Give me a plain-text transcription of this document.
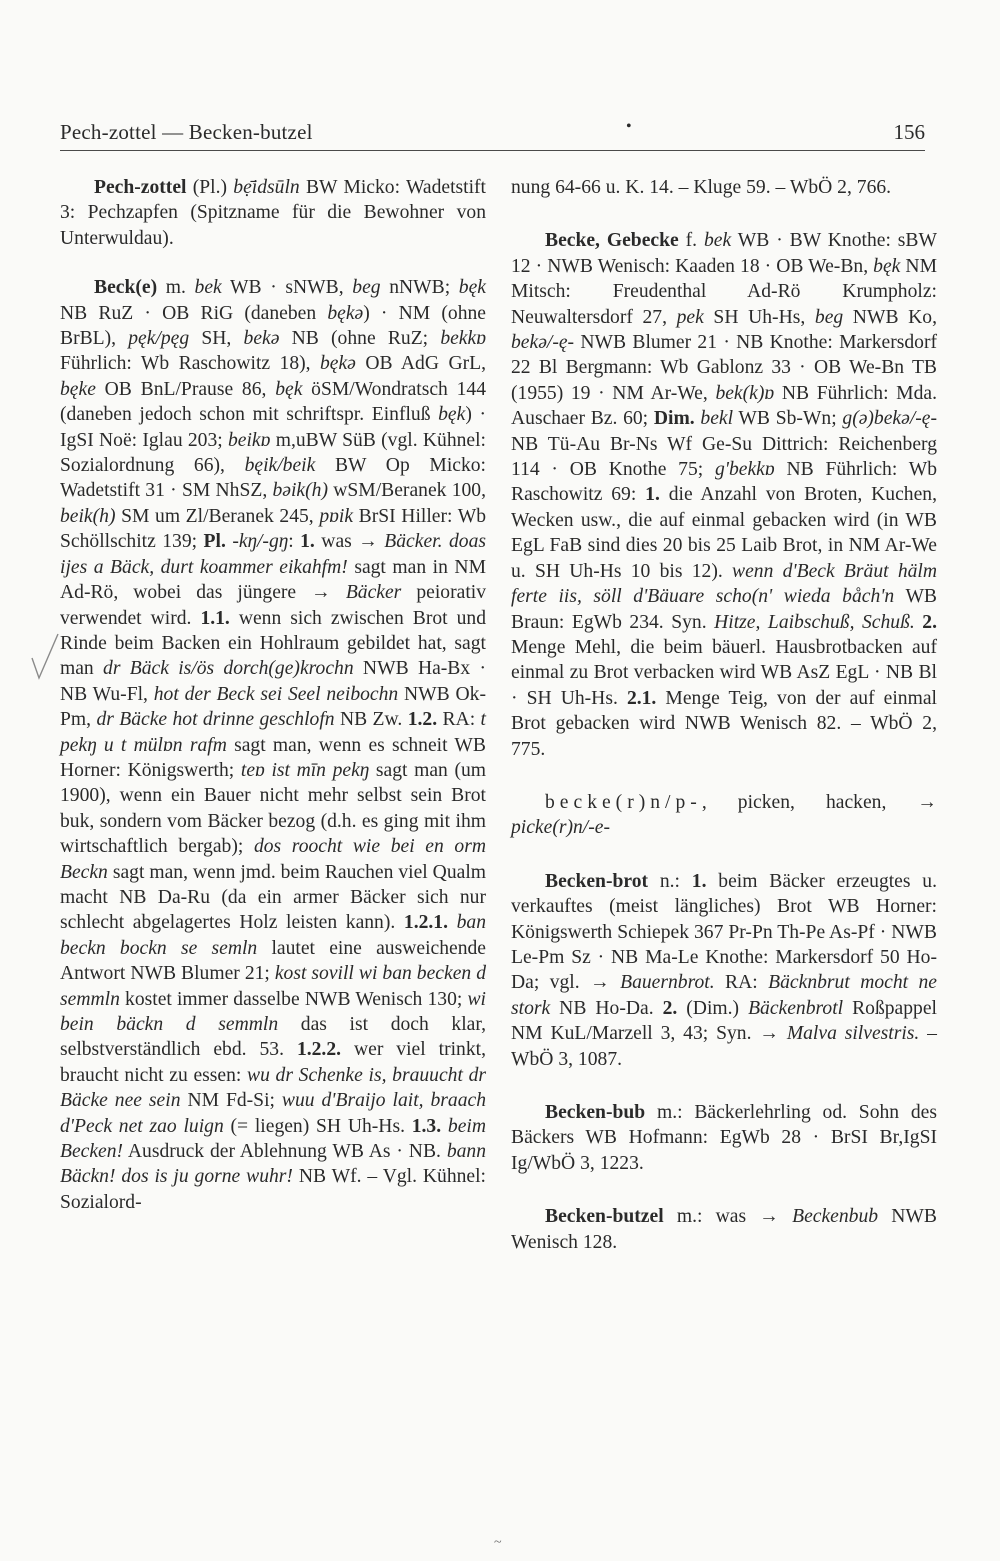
Pech-zottel — Becken-butzel	•	156

Pech-zottel (Pl.) bẹ̄idsūln BW Micko: Wadetstift 3: Pechzapfen (Spitzname für die Bewohner von Unterwuldau).

Beck(e) m. bek WB · sNWB, beg nNWB; bęk NB RuZ · OB RiG (daneben bękə) · NM (ohne BrBL), pęk/pęg SH, bekə NB (ohne RuZ; bekkɒ Führlich: Wb Raschowitz 18), bękə OB AdG GrL, bęke OB BnL/Prause 86, bęk öSM/Wondratsch 144 (daneben jedoch schon mit schriftspr. Einfluß bęk) · IgSI Noë: Iglau 203; beikɒ m,uBW SüB (vgl. Kühnel: Sozialordnung 66), bęik/beik BW Op Micko: Wadetstift 31 · SM NhSZ, bəik(h) wSM/Beranek 100, beik(h) SM um Zl/Beranek 245, pɒik BrSI Hiller: Wb Schöllschitz 139; Pl. -kŋ/-gŋ: 1. was → Bäcker. doas ijes a Bäck, durt koammer eikahfm! sagt man in NM Ad-Rö, wobei das jüngere → Bäcker peiorativ verwendet wird. 1.1. wenn sich zwischen Brot und Rinde beim Backen ein Hohlraum gebildet hat, sagt man dr Bäck is/ös dorch(ge)krochn NWB Ha-Bx · NB Wu-Fl, hot der Beck sei Seel neibochn NWB Ok-Pm, dr Bäcke hot drinne geschlofn NB Zw. 1.2. RA: t pekŋ u t mülɒn rafm sagt man, wenn es schneit WB Horner: Königswerth; teɒ ist mīn pekŋ sagt man (um 1900), wenn ein Bauer nicht mehr selbst sein Brot buk, sondern vom Bäcker bezog (d.h. es ging mit ihm wirtschaftlich bergab); dos roocht wie bei en orm Beckn sagt man, wenn jmd. beim Rauchen viel Qualm macht NB Da-Ru (da ein armer Bäcker sich nur schlecht abgelagertes Holz leisten kann). 1.2.1. ban beckn bockn se semln lautet eine ausweichende Antwort NWB Blumer 21; kost sovill wi ban becken d semmln kostet immer dasselbe NWB Wenisch 130; wi bein bäckn d semmln das ist doch klar, selbstverständlich ebd. 53. 1.2.2. wer viel trinkt, braucht nicht zu essen: wu dr Schenke is, brauucht dr Bäcke nee sein NM Fd-Si; wuu d'Braijo lait, braach d'Peck net zao luign (= liegen) SH Uh-Hs. 1.3. beim Becken! Ausdruck der Ablehnung WB As · NB. bann Bäckn! dos is ju gorne wuhr! NB Wf. – Vgl. Kühnel: Sozialord-

nung 64-66 u. K. 14. – Kluge 59. – WbÖ 2, 766.

Becke, Gebecke f. bek WB · BW Knothe: sBW 12 · NWB Wenisch: Kaaden 18 · OB We-Bn, bęk NM Mitsch: Freudenthal Ad-Rö Krumpholz: Neuwaltersdorf 27, pek SH Uh-Hs, beg NWB Ko, bekə/-ę- NWB Blumer 21 · NB Knothe: Markersdorf 22 Bl Bergmann: Wb Gablonz 33 · OB We-Bn TB (1955) 19 · NM Ar-We, bek(k)ɒ NB Führlich: Mda. Auschaer Bz. 60; Dim. bekl WB Sb-Wn; g(ə)bekə/-ę- NB Tü-Au Br-Ns Wf Ge-Su Dittrich: Reichenberg 114 · OB Knothe 75; g'bekkɒ NB Führlich: Wb Raschowitz 69: 1. die Anzahl von Broten, Kuchen, Wecken usw., die auf einmal gebacken wird (in WB EgL FaB sind dies 20 bis 25 Laib Brot, in NM Ar-We u. SH Uh-Hs 10 bis 12). wenn d'Beck Bräut hälm ferte iis, söll d'Bäuare scho(n' wieda båch'n WB Braun: EgWb 234. Syn. Hitze, Laibschuß, Schuß. 2. Menge Mehl, die beim bäuerl. Hausbrotbacken auf einmal zu Brot verbacken wird WB AsZ EgL · NB Bl · SH Uh-Hs. 2.1. Menge Teig, von der auf einmal Brot gebacken wird NWB Wenisch 82. – WbÖ 2, 775.

becke(r)n/p-, picken, hacken, → picke(r)n/-e-

Becken-brot n.: 1. beim Bäcker erzeugtes u. verkauftes (meist längliches) Brot WB Horner: Königswerth Schiepek 367 Pr-Pn Th-Pe As-Pf · NWB Le-Pm Sz · NB Ma-Le Knothe: Markersdorf 50 Ho-Da; vgl. → Bauernbrot. RA: Bäcknbrut mocht ne stork NB Ho-Da. 2. (Dim.) Bäckenbrotl Roßpappel NM KuL/Marzell 3, 43; Syn. → Malva silvestris. – WbÖ 3, 1087.

Becken-bub m.: Bäckerlehrling od. Sohn des Bäckers WB Hofmann: EgWb 28 · BrSI Br,IgSI Ig/WbÖ 3, 1223.

Becken-butzel m.: was → Beckenbub NWB Wenisch 128.

~
